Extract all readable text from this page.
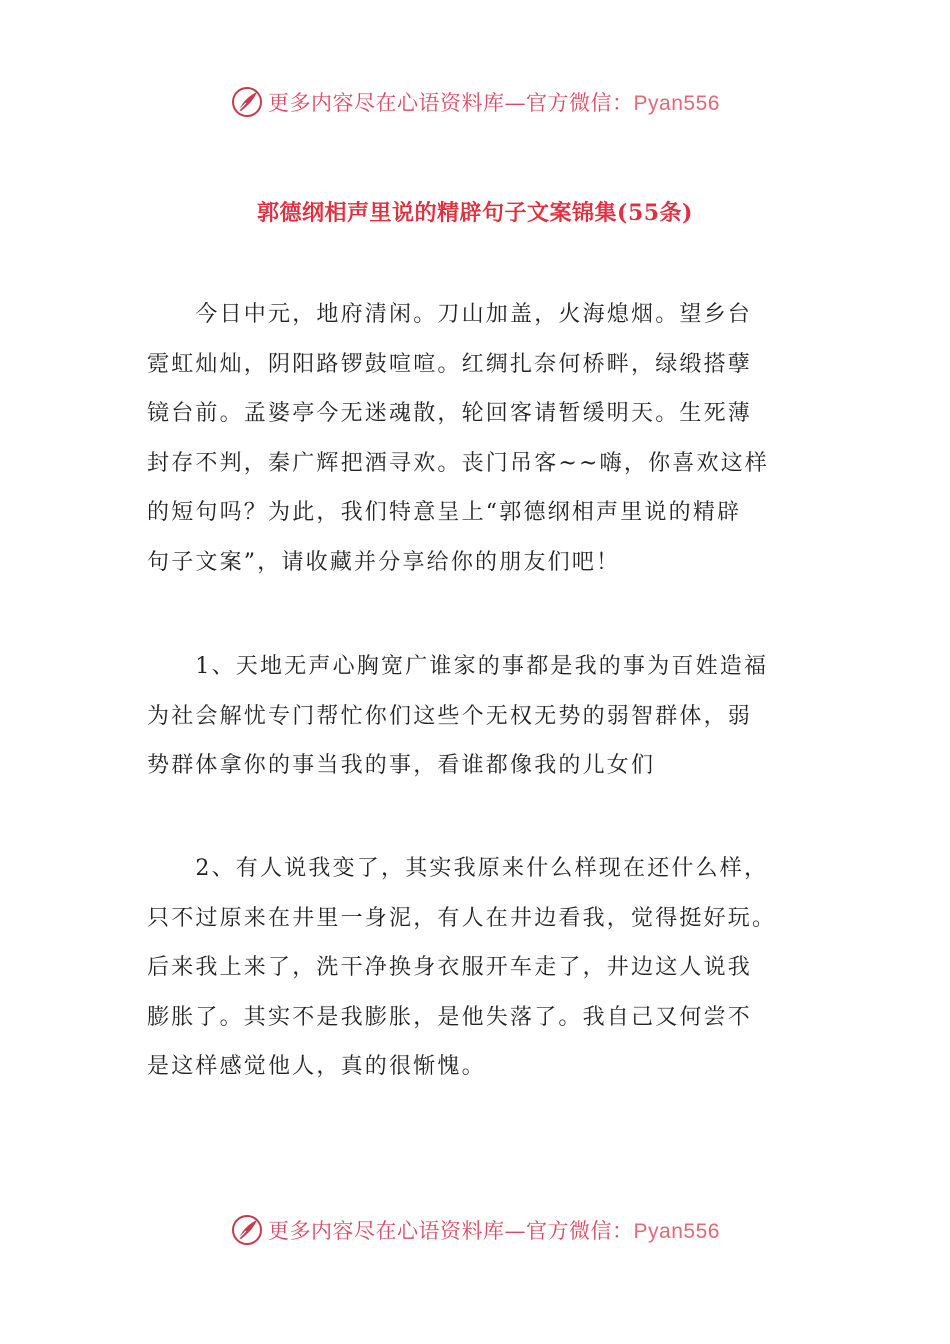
更多内容尽在心语资料库—官方微信：Pyan556
郭德纲相声里说的精辟句子文案锦集(55条)

　　今日中元，地府清闲。刀山加盖，火海熄烟。望乡台
霓虹灿灿，阴阳路锣鼓喧喧。红绸扎奈何桥畔，绿缎搭孽
镜台前。孟婆亭今无迷魂散，轮回客请暂缓明天。生死薄
封存不判，秦广辉把酒寻欢。丧门吊客~~嗨，你喜欢这样
的短句吗？为此，我们特意呈上“郭德纲相声里说的精辟
句子文案”，请收藏并分享给你的朋友们吧！

　　1、天地无声心胸宽广谁家的事都是我的事为百姓造福
为社会解忧专门帮忙你们这些个无权无势的弱智群体，弱
势群体拿你的事当我的事，看谁都像我的儿女们

　　2、有人说我变了，其实我原来什么样现在还什么样，
只不过原来在井里一身泥，有人在井边看我，觉得挺好玩。
后来我上来了，洗干净换身衣服开车走了，井边这人说我
膨胀了。其实不是我膨胀，是他失落了。我自己又何尝不
是这样感觉他人，真的很惭愧。

更多内容尽在心语资料库—官方微信：Pyan556
